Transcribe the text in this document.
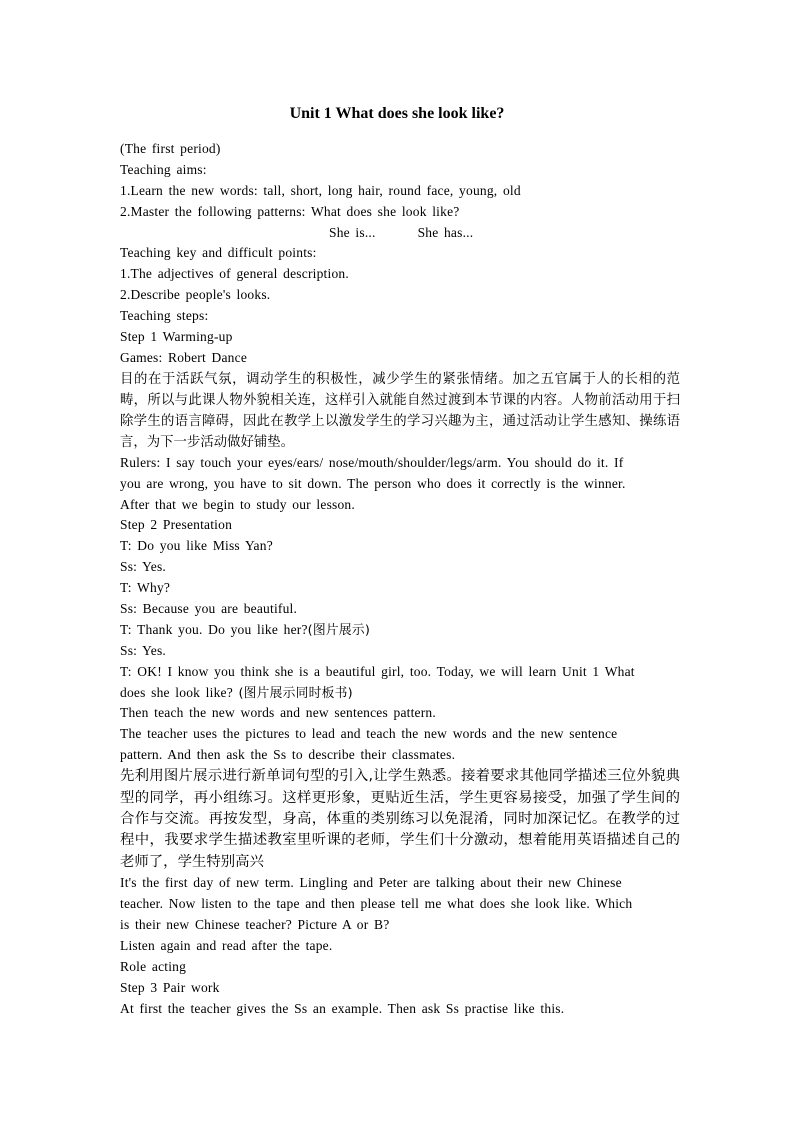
Unit 1 What does she look like?
(The first period)
Teaching aims:
1.Learn the new words: tall, short, long hair, round face, young, old
2.Master the following patterns: What does she look like?
She is...	She has...
Teaching key and difficult points:
1.The adjectives of general description.
2.Describe people's looks.
Teaching steps:
Step 1 Warming-up
Games: Robert Dance
目的在于活跃气氛，调动学生的积极性，减少学生的紧张情绪。加之五官属于人的长相的范畴，所以与此课人物外貌相关连，这样引入就能自然过渡到本节课的内容。人物前活动用于扫除学生的语言障碍，因此在教学上以激发学生的学习兴趣为主，通过活动让学生感知、操练语言，为下一步活动做好铺垫。
Rulers: I say touch your eyes/ears/ nose/mouth/shoulder/legs/arm. You should do it. If
you are wrong, you have to sit down. The person who does it correctly is the winner.
After that we begin to study our lesson.
Step 2 Presentation
T: Do you like Miss Yan?
Ss: Yes.
T: Why?
Ss: Because you are beautiful.
T: Thank you. Do you like her?(图片展示)
Ss: Yes.
T: OK! I know you think she is a beautiful girl, too. Today, we will learn Unit 1 What
does she look like? (图片展示同时板书)
Then teach the new words and new sentences pattern.
The teacher uses the pictures to lead and teach the new words and the new sentence
pattern. And then ask the Ss to describe their classmates.
先利用图片展示进行新单词句型的引入,让学生熟悉。接着要求其他同学描述三位外貌典型的同学，再小组练习。这样更形象，更贴近生活，学生更容易接受，加强了学生间的合作与交流。再按发型，身高，体重的类别练习以免混淆，同时加深记忆。在教学的过程中，我要求学生描述教室里听课的老师，学生们十分激动，想着能用英语描述自己的老师了，学生特别高兴
It's the first day of new term. Lingling and Peter are talking about their new Chinese
teacher. Now listen to the tape and then please tell me what does she look like. Which
is their new Chinese teacher? Picture A or B?
Listen again and read after the tape.
Role acting
Step 3 Pair work
At first the teacher gives the Ss an example. Then ask Ss practise like this.
